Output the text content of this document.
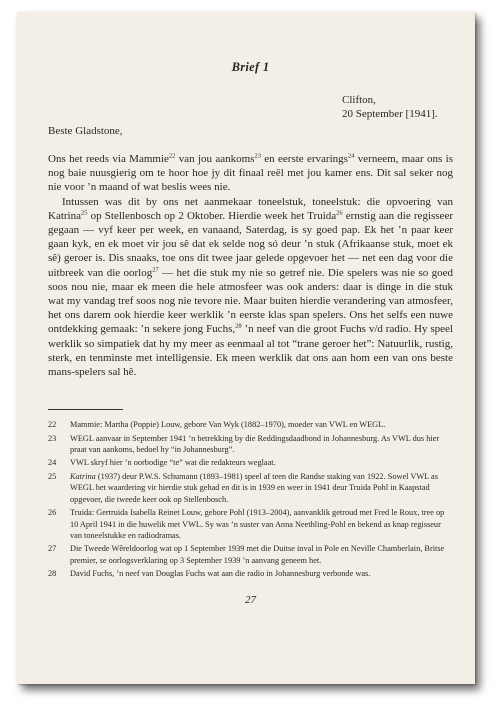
Brief 1
Clifton,
20 September [1941].
Beste Gladstone,

Ons het reeds via Mammie$^{22}$ van jou aankoms$^{23}$ en eerste ervarings$^{24}$ verneem, maar ons is nog baie nuusgierig om te hoor hoe jy dit finaal reël met jou kamer ens. Dit sal seker nog nie voor ’n maand of wat beslis wees nie.

Intussen was dit by ons net aanmekaar toneelstuk, toneelstuk: die opvoering van Katrina$^{25}$ op Stellenbosch op 2 Oktober. Hierdie week het Truida$^{26}$ ernstig aan die regisseer gegaan — vyf keer per week, en vanaand, Saterdag, is sy goed pap. Ek het ’n paar keer gaan kyk, en ek moet vir jou sê dat ek selde nog só deur ’n stuk (Afrikaanse stuk, moet ek sê) geroer is. Dis snaaks, toe ons dit twee jaar gelede opgevoer het — net een dag voor die uitbreek van die oorlog$^{27}$ — het die stuk my nie so getref nie. Die spelers was nie so goed soos nou nie, maar ek meen die hele atmosfeer was ook anders: daar is dinge in die stuk wat my vandag tref soos nog nie tevore nie. Maar buiten hierdie verandering van atmosfeer, het ons darem ook hierdie keer werklik ’n eerste klas span spelers. Ons het selfs een nuwe ontdekking gemaak: ’n sekere jong Fuchs,$^{28}$ ’n neef van die groot Fuchs v/d radio. Hy speel werklik so simpatiek dat hy my meer as eenmaal al tot “trane geroer het”: Natuurlik, rustig, sterk, en tenminste met intelligensie. Ek meen werklik dat ons aan hom een van ons beste mans-spelers sal hê.

22 Mammie: Martha (Poppie) Louw, gebore Van Wyk (1882–1970), moeder van VWL en WEGL.
23 WEGL aanvaar in September 1941 ’n betrekking by die Reddingsdaadbond in Johannesburg. As VWL dus hier praat van aankoms, bedoel hy “in Johannesburg”.
24 VWL skryf hier ’n oorbodige “te” wat die redakteurs weglaat.
25 Katrina (1937) deur P.W.S. Schumann (1893–1981) speel af teen die Randse staking van 1922. Sowel VWL as WEGL het waardering vir hierdie stuk gehad en dit is in 1939 en weer in 1941 deur Truida Pohl in Kaapstad opgevoer, die tweede keer ook op Stellenbosch.
26 Truida: Gertruida Isabella Reinet Louw, gebore Pohl (1913–2004), aanvanklik getroud met Fred le Roux, tree op 10 April 1941 in die huwelik met VWL. Sy was ’n suster van Anna Neethling-Pohl en bekend as knap regisseur van toneelstukke en radiodramas.
27 Die Tweede Wêreldoorlog wat op 1 September 1939 met die Duitse inval in Pole en Neville Chamberlain, Britse premier, se oorlogsverklaring op 3 September 1939 ’n aanvang geneem het.
28 David Fuchs, ’n neef van Douglas Fuchs wat aan die radio in Johannesburg verbonde was.
27
